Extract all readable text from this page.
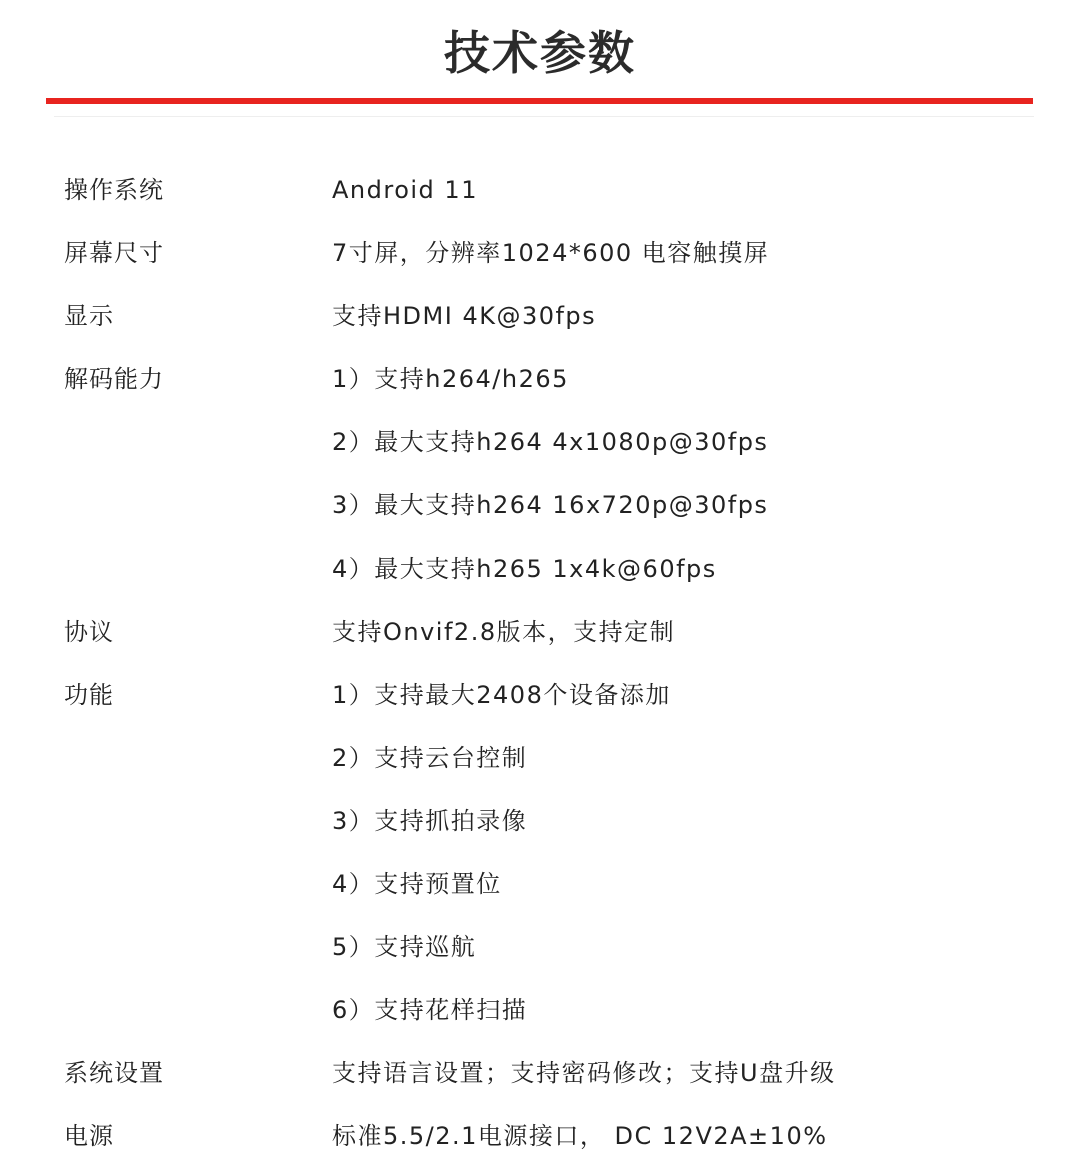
技术参数
操作系统	Android 11
屏幕尺寸	7寸屏，分辨率1024*600 电容触摸屏
显示	支持HDMI 4K@30fps
解码能力	1）支持h264/h265
2）最大支持h264 4x1080p@30fps
3）最大支持h264 16x720p@30fps
4）最大支持h265 1x4k@60fps
协议	支持Onvif2.8版本，支持定制
功能	1）支持最大2408个设备添加
2）支持云台控制
3）支持抓拍录像
4）支持预置位
5）支持巡航
6）支持花样扫描
系统设置	支持语言设置；支持密码修改；支持U盘升级
电源	标准5.5/2.1电源接口， DC 12V2A±10%
